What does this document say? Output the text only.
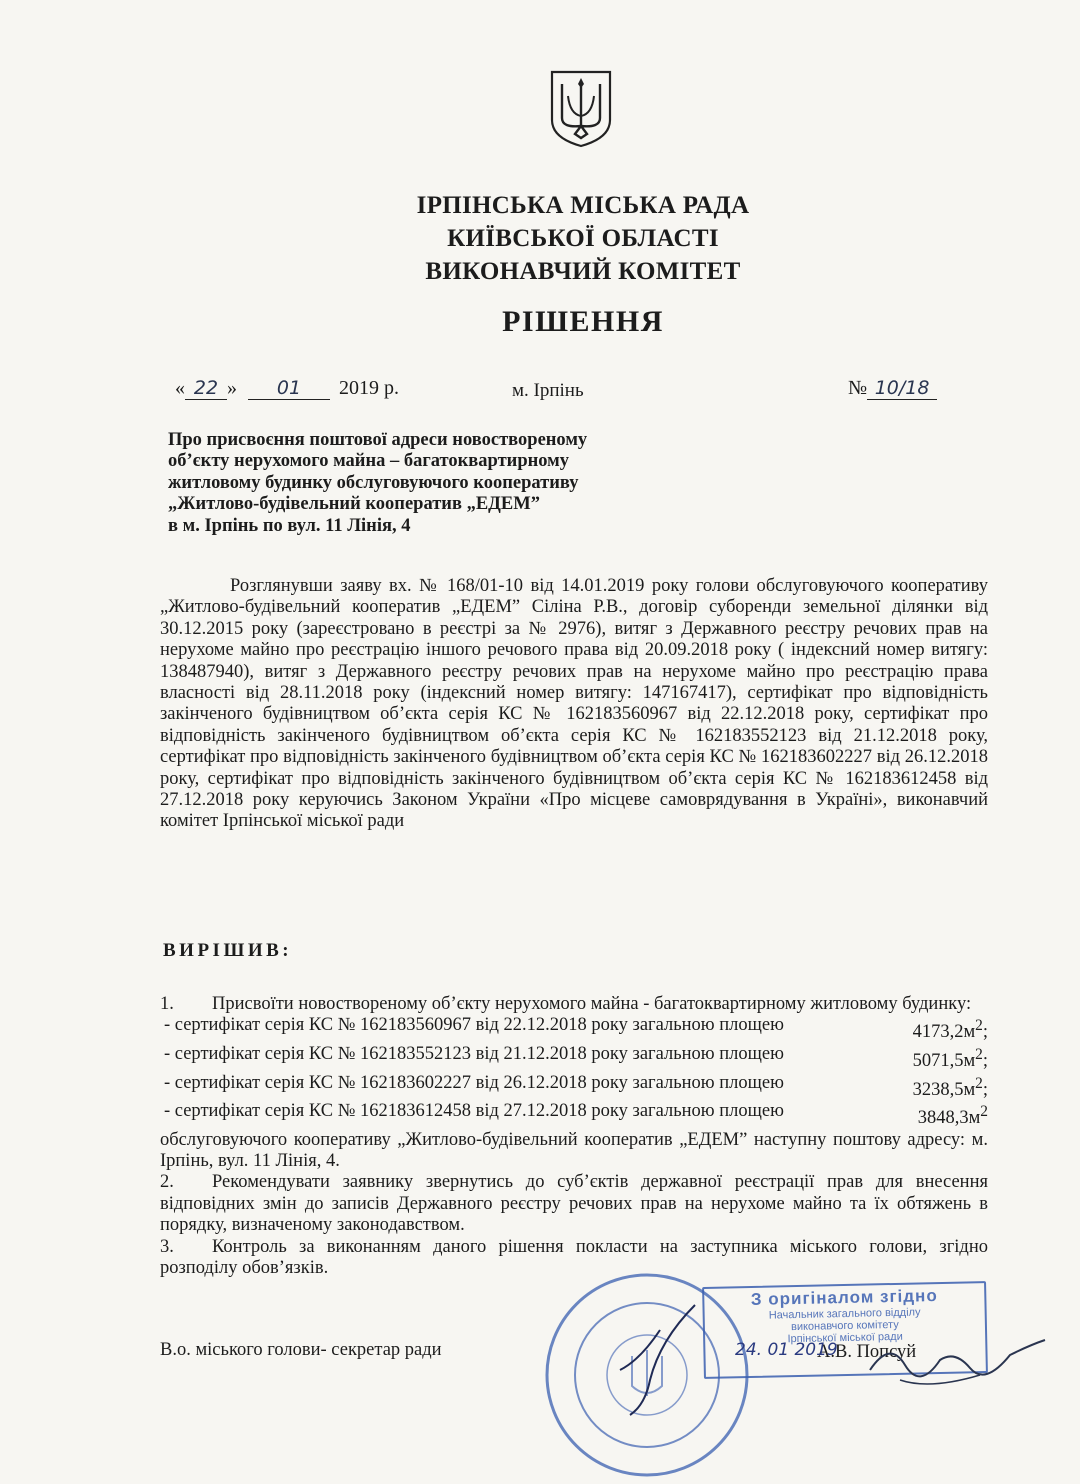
ІРПІНСЬКА МІСЬКА РАДА
КИЇВСЬКОЇ ОБЛАСТІ
ВИКОНАВЧИЙ КОМІТЕТ
РІШЕННЯ
« 22 » 01 2019 р.	м. Ірпінь	№ 10/18
Про присвоєння поштової адреси новоствореному
об’єкту нерухомого майна – багатоквартирному
житловому будинку обслуговуючого кооперативу
„Житлово-будівельний кооператив „ЕДЕМ”
в м. Ірпінь по вул. 11 Лінія, 4
Розглянувши заяву вх. № 168/01-10 від 14.01.2019 року голови обслуговуючого кооперативу „Житлово-будівельний кооператив „ЕДЕМ” Сіліна Р.В., договір суборенди земельної ділянки від 30.12.2015 року (зареєстровано в реєстрі за № 2976), витяг з Державного реєстру речових прав на нерухоме майно про реєстрацію іншого речового права від 20.09.2018 року ( індексний номер витягу: 138487940), витяг з Державного реєстру речових прав на нерухоме майно про реєстрацію права власності від 28.11.2018 року (індексний номер витягу: 147167417), сертифікат про відповідність закінченого будівництвом об’єкта серія КС № 162183560967 від 22.12.2018 року, сертифікат про відповідність закінченого будівництвом об’єкта серія КС № 162183552123 від 21.12.2018 року, сертифікат про відповідність закінченого будівництвом об’єкта серія КС № 162183602227 від 26.12.2018 року, сертифікат про відповідність закінченого будівництвом об’єкта серія КС № 162183612458 від 27.12.2018 року керуючись Законом України «Про місцеве самоврядування в Україні», виконавчий комітет Ірпінської міської ради
ВИРІШИВ:
1. Присвоїти новоствореному об’єкту нерухомого майна - багатоквартирному житловому будинку:
- сертифікат серія КС № 162183560967 від 22.12.2018 року загальною площею	$4173,2м^2$;
- сертифікат серія КС № 162183552123 від 21.12.2018 року загальною площею	$5071,5м^2$;
- сертифікат серія КС № 162183602227 від 26.12.2018 року загальною площею	$3238,5м^2$;
- сертифікат серія КС № 162183612458 від 27.12.2018 року загальною площею	$3848,3м^2$
обслуговуючого кооперативу „Житлово-будівельний кооператив „ЕДЕМ” наступну поштову адресу: м. Ірпінь, вул. 11 Лінія, 4.
2. Рекомендувати заявнику звернутись до суб’єктів державної реєстрації прав для внесення відповідних змін до записів Державного реєстру речових прав на нерухоме майно та їх обтяжень в порядку, визначеному законодавством.
3. Контроль за виконанням даного рішення покласти на заступника міського голови, згідно розподілу обов’язків.
В.о. міського голови- секретар ради	А.В. Попсуй
З оригіналом згідно
Начальник загального відділу
виконавчого комітету
Ірпінської міської ради
24. 01 2019
